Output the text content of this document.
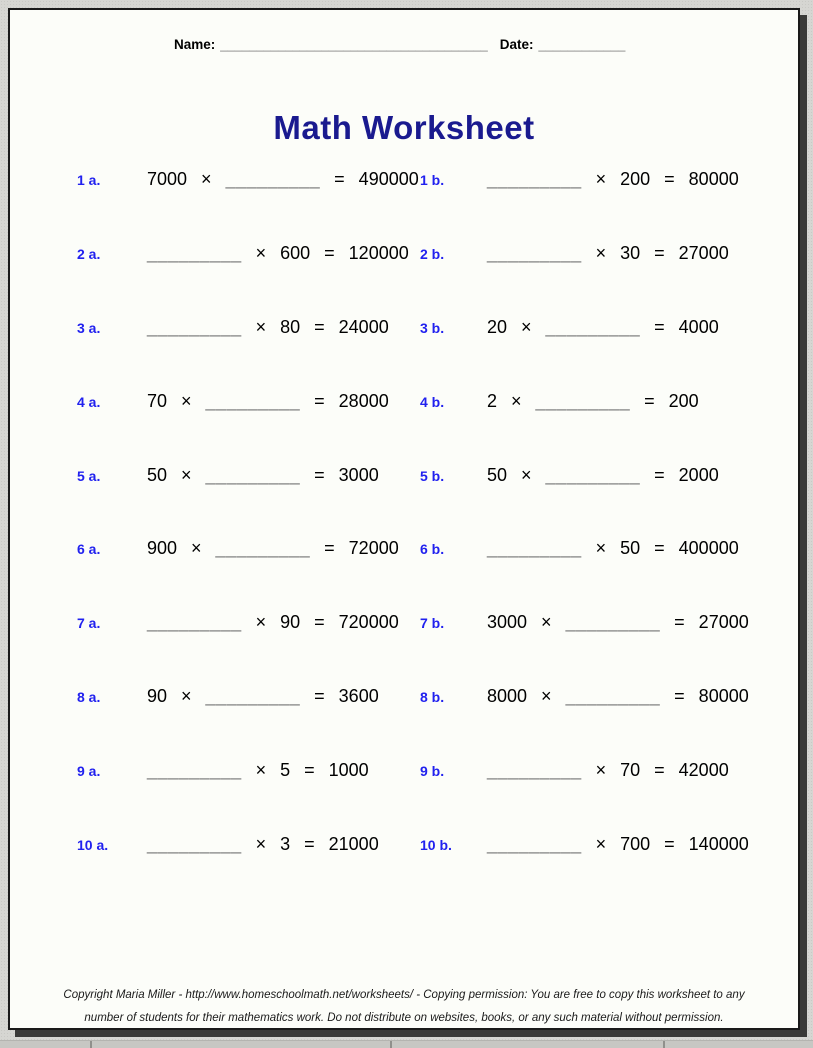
Name: _____________________________________ Date: ____________
Math Worksheet
1 a.	7000 × _________ = 490000 1 b.	_________ × 200 = 80000
2 a.	_________ × 600 = 120000 2 b.	_________ × 30 = 27000
3 a.	_________ × 80 = 24000 3 b.	20 × _________ = 4000
4 a.	70 × _________ = 28000 4 b.	2 × _________ = 200
5 a.	50 × _________ = 3000	5 b.	50 × _________ = 2000
6 a.	900 × _________ = 72000 6 b.	_________ × 50 = 400000
7 a.	_________ × 90 = 720000 7 b.	3000 × _________ = 27000
8 a.	90 × _________ = 3600	8 b.	8000 × _________ = 80000
9 a.	_________ × 5 = 1000	9 b.	_________ × 70 = 42000
10 a.	_________ × 3 = 21000	10 b.	_________ × 700 = 140000
Copyright Maria Miller - http://www.homeschoolmath.net/worksheets/ - Copying permission: You are free to copy this worksheet to any
number of students for their mathematics work. Do not distribute on websites, books, or any such material without permission.
